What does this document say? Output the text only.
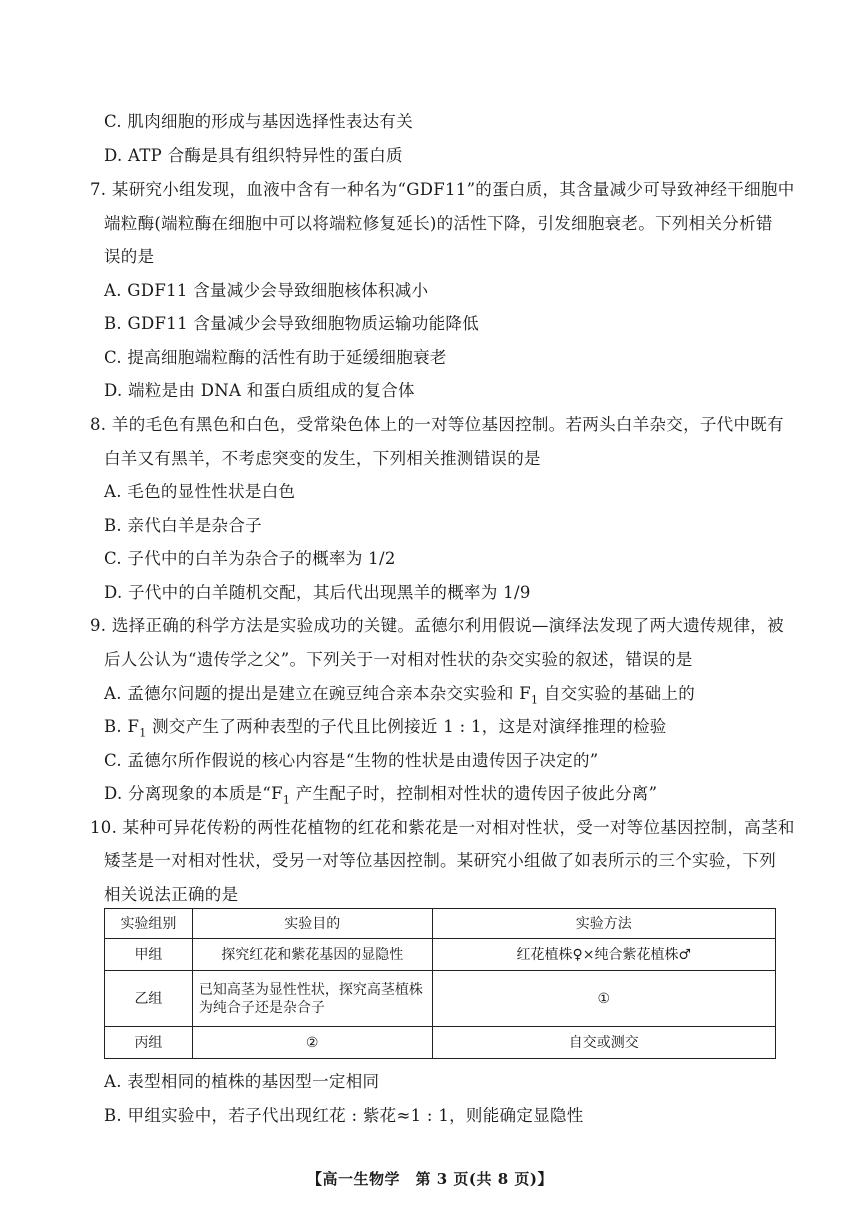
C. 肌肉细胞的形成与基因选择性表达有关
D. ATP 合酶是具有组织特异性的蛋白质
7. 某研究小组发现，血液中含有一种名为“GDF11”的蛋白质，其含量减少可导致神经干细胞中
端粒酶(端粒酶在细胞中可以将端粒修复延长)的活性下降，引发细胞衰老。下列相关分析错
误的是
A. GDF11 含量减少会导致细胞核体积减小
B. GDF11 含量减少会导致细胞物质运输功能降低
C. 提高细胞端粒酶的活性有助于延缓细胞衰老
D. 端粒是由 DNA 和蛋白质组成的复合体
8. 羊的毛色有黑色和白色，受常染色体上的一对等位基因控制。若两头白羊杂交，子代中既有
白羊又有黑羊，不考虑突变的发生，下列相关推测错误的是
A. 毛色的显性性状是白色
B. 亲代白羊是杂合子
C. 子代中的白羊为杂合子的概率为 1/2
D. 子代中的白羊随机交配，其后代出现黑羊的概率为 1/9
9. 选择正确的科学方法是实验成功的关键。孟德尔利用假说—演绎法发现了两大遗传规律，被
后人公认为“遗传学之父”。下列关于一对相对性状的杂交实验的叙述，错误的是
A. 孟德尔问题的提出是建立在豌豆纯合亲本杂交实验和 $F_1$ 自交实验的基础上的
B. $F_1$ 测交产生了两种表型的子代且比例接近 1 : 1，这是对演绎推理的检验
C. 孟德尔所作假说的核心内容是“生物的性状是由遗传因子决定的”
D. 分离现象的本质是“$F_1$ 产生配子时，控制相对性状的遗传因子彼此分离”
10. 某种可异花传粉的两性花植物的红花和紫花是一对相对性状，受一对等位基因控制，高茎和
矮茎是一对相对性状，受另一对等位基因控制。某研究小组做了如表所示的三个实验，下列
相关说法正确的是
实验组别	实验目的	实验方法
甲组	探究红花和紫花基因的显隐性	红花植株♀×纯合紫花植株♂
乙组	已知高茎为显性性状，探究高茎植株为纯合子还是杂合子	①
丙组	②	自交或测交
A. 表型相同的植株的基因型一定相同
B. 甲组实验中，若子代出现红花 : 紫花≈1 : 1，则能确定显隐性
【高一生物学　第 3 页(共 8 页)】
